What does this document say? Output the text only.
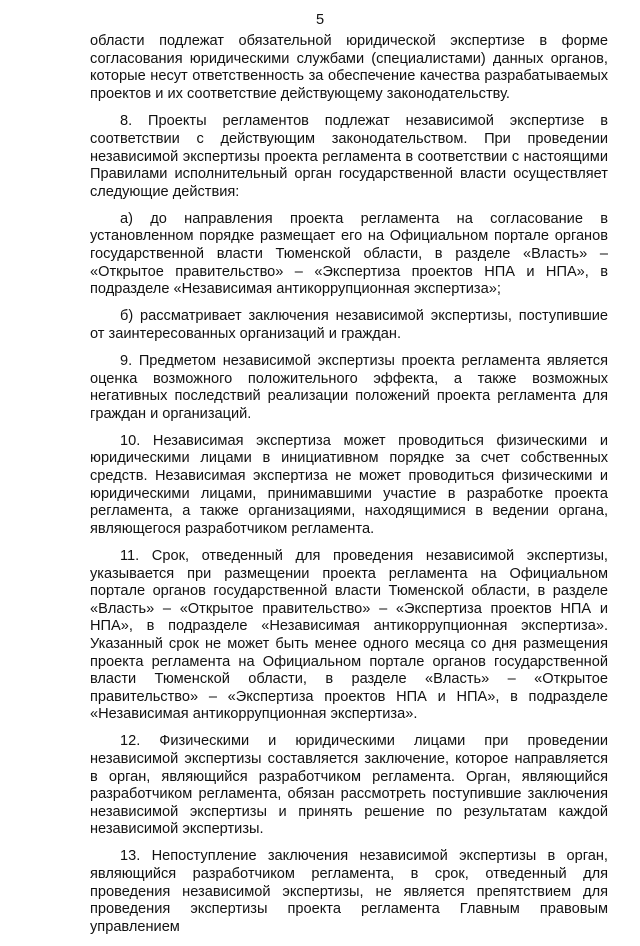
5

области подлежат обязательной юридической экспертизе в форме согласования юридическими службами (специалистами) данных органов, которые несут ответственность за обеспечение качества разрабатываемых проектов и их соответствие действующему законодательству.

8. Проекты регламентов подлежат независимой экспертизе в соответствии с действующим законодательством. При проведении независимой экспертизы проекта регламента в соответствии с настоящими Правилами исполнительный орган государственной власти осуществляет следующие действия:

а) до направления проекта регламента на согласование в установленном порядке размещает его на Официальном портале органов государственной власти Тюменской области, в разделе «Власть» – «Открытое правительство» – «Экспертиза проектов НПА и НПА», в подразделе «Независимая антикоррупционная экспертиза»;

б) рассматривает заключения независимой экспертизы, поступившие от заинтересованных организаций и граждан.

9. Предметом независимой экспертизы проекта регламента является оценка возможного положительного эффекта, а также возможных негативных последствий реализации положений проекта регламента для граждан и организаций.

10. Независимая экспертиза может проводиться физическими и юридическими лицами в инициативном порядке за счет собственных средств. Независимая экспертиза не может проводиться физическими и юридическими лицами, принимавшими участие в разработке проекта регламента, а также организациями, находящимися в ведении органа, являющегося разработчиком регламента.

11. Срок, отведенный для проведения независимой экспертизы, указывается при размещении проекта регламента на Официальном портале органов государственной власти Тюменской области, в разделе «Власть» – «Открытое правительство» – «Экспертиза проектов НПА и НПА», в подразделе «Независимая антикоррупционная экспертиза». Указанный срок не может быть менее одного месяца со дня размещения проекта регламента на Официальном портале органов государственной власти Тюменской области, в разделе «Власть» – «Открытое правительство» – «Экспертиза проектов НПА и НПА», в подразделе «Независимая антикоррупционная экспертиза».

12. Физическими и юридическими лицами при проведении независимой экспертизы составляется заключение, которое направляется в орган, являющийся разработчиком регламента. Орган, являющийся разработчиком регламента, обязан рассмотреть поступившие заключения независимой экспертизы и принять решение по результатам каждой независимой экспертизы.

13. Непоступление заключения независимой экспертизы в орган, являющийся разработчиком регламента, в срок, отведенный для проведения независимой экспертизы, не является препятствием для проведения экспертизы проекта регламента Главным правовым управлением
